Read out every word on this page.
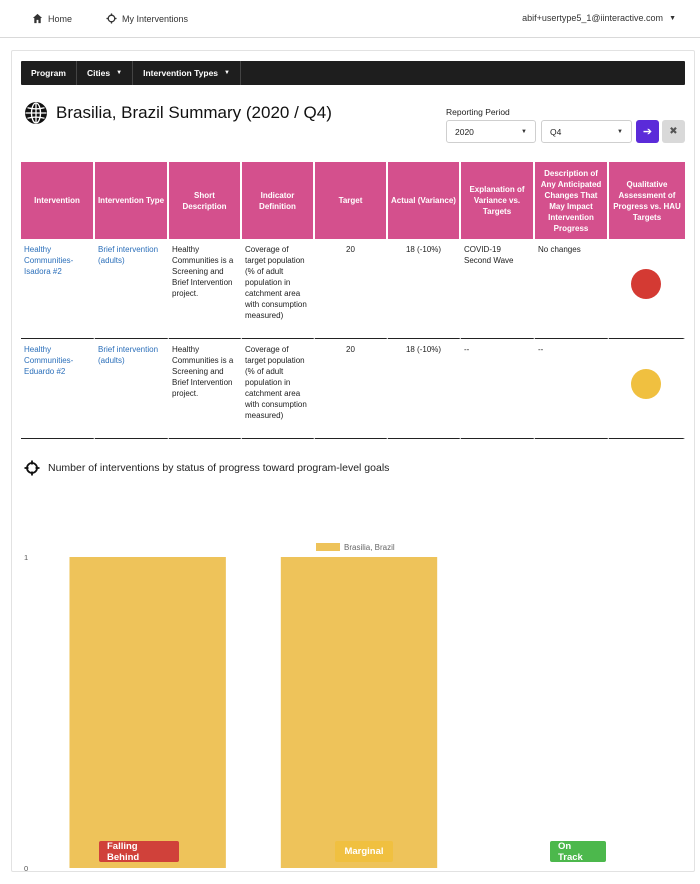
Home	My Interventions	abif+usertype5_1@iinteractive.com ▼
Program Cities ▼ Intervention Types ▼
Brasilia, Brazil Summary (2020 / Q4)	Reporting Period
2020	▼	Q4	▼ ➔ ✖
Intervention	Intervention Type	Short Description	Indicator Definition	Target	Actual (Variance)	Explanation of Variance vs. Targets	Description of Any Anticipated Changes That May Impact Intervention Progress	Qualitative Assessment of Progress vs. HAU Targets
Healthy Communities-Isadora #2	Brief intervention (adults)	Healthy Communities is a Screening and Brief Intervention project.	Coverage of target population (% of adult population in catchment area with consumption measured)	20	18 (-10%)	COVID-19 Second Wave	No changes	

Healthy Communities-Eduardo #2	Brief intervention (adults)	Healthy Communities is a Screening and Brief Intervention project.	Coverage of target population (% of adult population in catchment area with consumption measured)	20	18 (-10%)	--	--	
Number of interventions by status of progress toward program-level goals
Brasilia, Brazil
0
1
Falling Behind	Marginal	On Track
